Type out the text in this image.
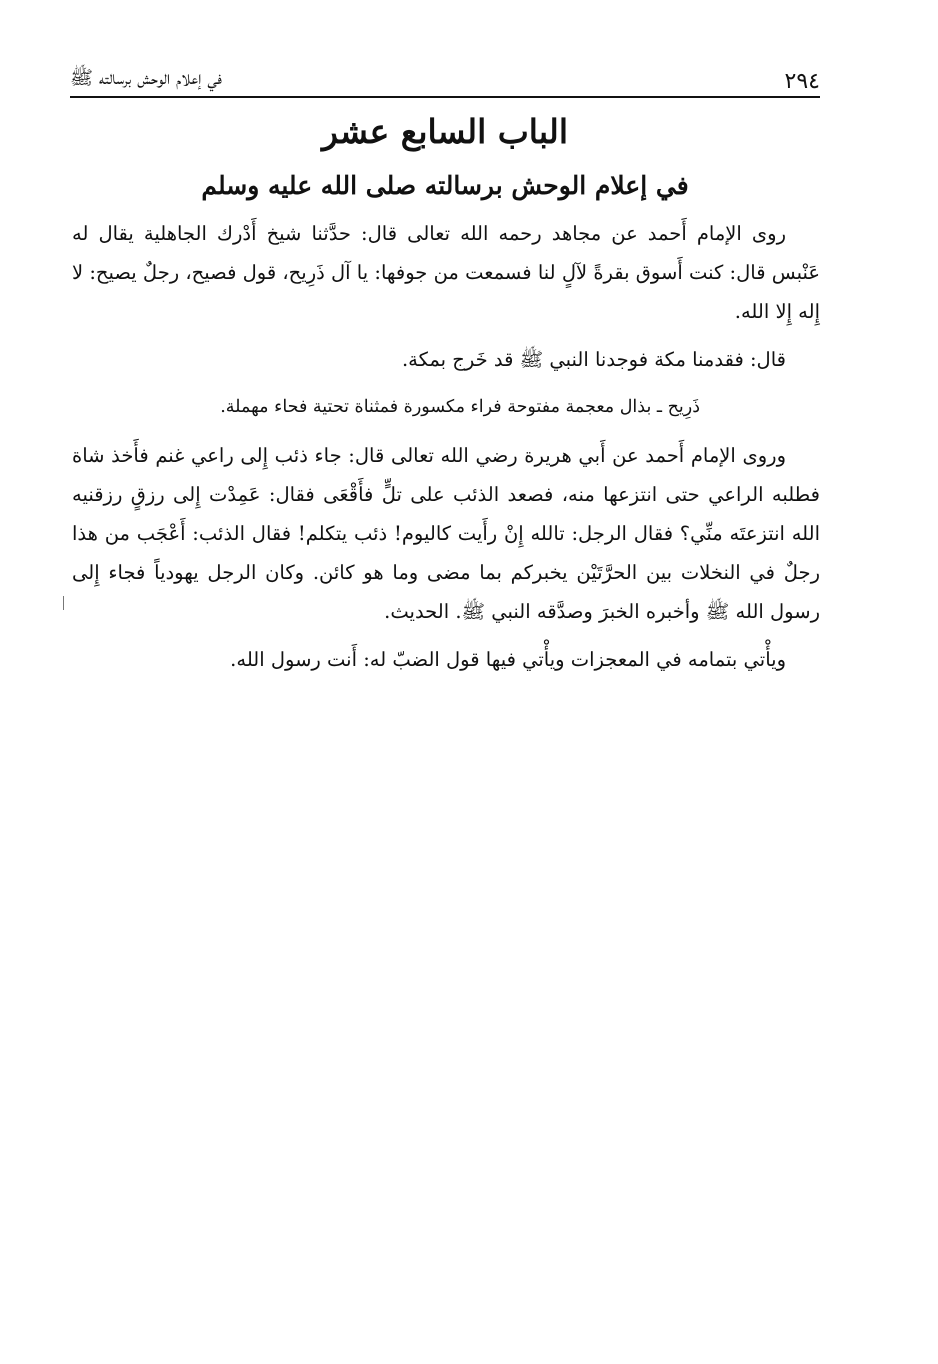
٢٩٤
في إعلام الوحش برسالته ﷺ
الباب السابع عشر
في إعلام الوحش برسالته صلى الله عليه وسلم

روى الإمام أَحمد عن مجاهد رحمه الله تعالى قال: حدَّثنا شيخ أَدْرك الجاهلية يقال له عَنْبس قال: كنت أَسوق بقرةً لآلٍ لنا فسمعت من جوفها: يا آل ذَرِيح، قول فصيح، رجلٌ يصيح: لا إِله إِلا الله.

قال: فقدمنا مكة فوجدنا النبي ﷺ قد خَرج بمكة.

ذَرِيح ـ بذال معجمة مفتوحة فراء مكسورة فمثناة تحتية فحاء مهملة.

وروى الإمام أَحمد عن أَبي هريرة رضي الله تعالى قال: جاء ذئب إِلى راعي غنم فأَخذ شاة فطلبه الراعي حتى انتزعها منه، فصعد الذئب على تلٍّ فأَقْعَى فقال: عَمِدْت إِلى رزقٍ رزقنيه الله انتزعتَه منِّي؟ فقال الرجل: تالله إِنْ رأَيت كاليوم! ذئب يتكلم! فقال الذئب: أَعْجَب من هذا رجلٌ في النخلات بين الحرَّتَيْن يخبركم بما مضى وما هو كائن. وكان الرجل يهودياً فجاء إِلى رسول الله ﷺ وأخبره الخبرَ وصدَّقه النبي ﷺ. الحديث.

ويأْتي بتمامه في المعجزات ويأْتي فيها قول الضبّ له: أَنت رسول الله.
